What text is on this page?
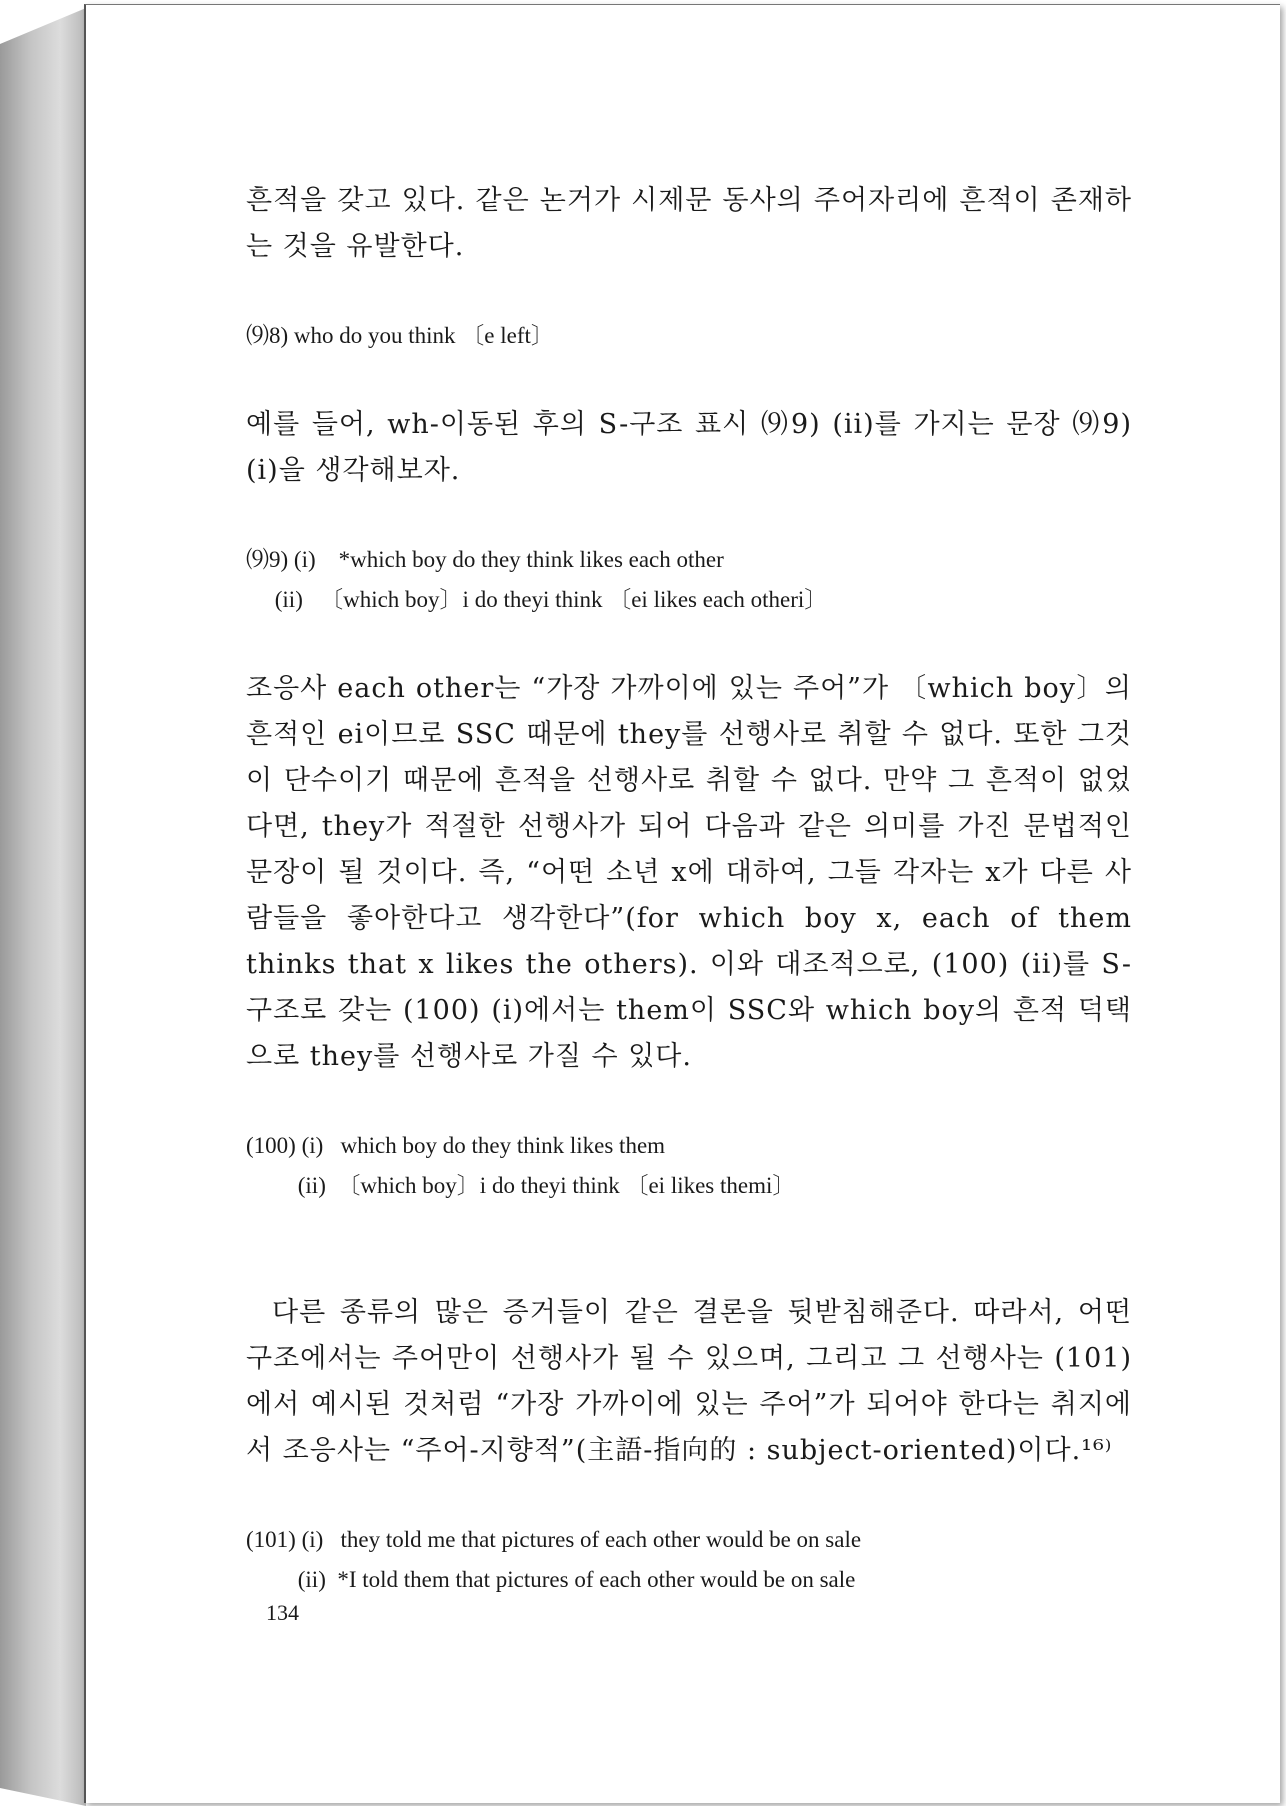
흔적을 갖고 있다. 같은 논거가 시제문 동사의 주어자리에 흔적이 존재하는 것을 유발한다.

⑼8) who do you think 〔e left〕

예를 들어, wh-이동된 후의 S-구조 표시 ⑼9) (ii)를 가지는 문장 ⑼9) (i)을 생각해보자.

⑼9) (i)    *which boy do they think likes each other

(ii)   〔which boy〕i do theyi think 〔ei likes each otheri〕

조응사 each other는 “가장 가까이에 있는 주어”가 〔which boy〕의 흔적인 ei이므로 SSC 때문에 they를 선행사로 취할 수 없다. 또한 그것이 단수이기 때문에 흔적을 선행사로 취할 수 없다. 만약 그 흔적이 없었다면, they가 적절한 선행사가 되어 다음과 같은 의미를 가진 문법적인 문장이 될 것이다. 즉, “어떤 소년 x에 대하여, 그들 각자는 x가 다른 사람들을 좋아한다고 생각한다”(for which boy x, each of them thinks that x likes the others). 이와 대조적으로, (100) (ii)를 S-구조로 갖는 (100) (i)에서는 them이 SSC와 which boy의 흔적 덕택으로 they를 선행사로 가질 수 있다.

(100) (i)   which boy do they think likes them

(ii)  〔which boy〕i do theyi think 〔ei likes themi〕

다른 종류의 많은 증거들이 같은 결론을 뒷받침해준다. 따라서, 어떤 구조에서는 주어만이 선행사가 될 수 있으며, 그리고 그 선행사는 (101)에서 예시된 것처럼 “가장 가까이에 있는 주어”가 되어야 한다는 취지에서 조응사는 “주어-지향적”(主語-指向的 : subject-oriented)이다.¹⁶⁾

(101) (i)   they told me that pictures of each other would be on sale

(ii)  *I told them that pictures of each other would be on sale

134
